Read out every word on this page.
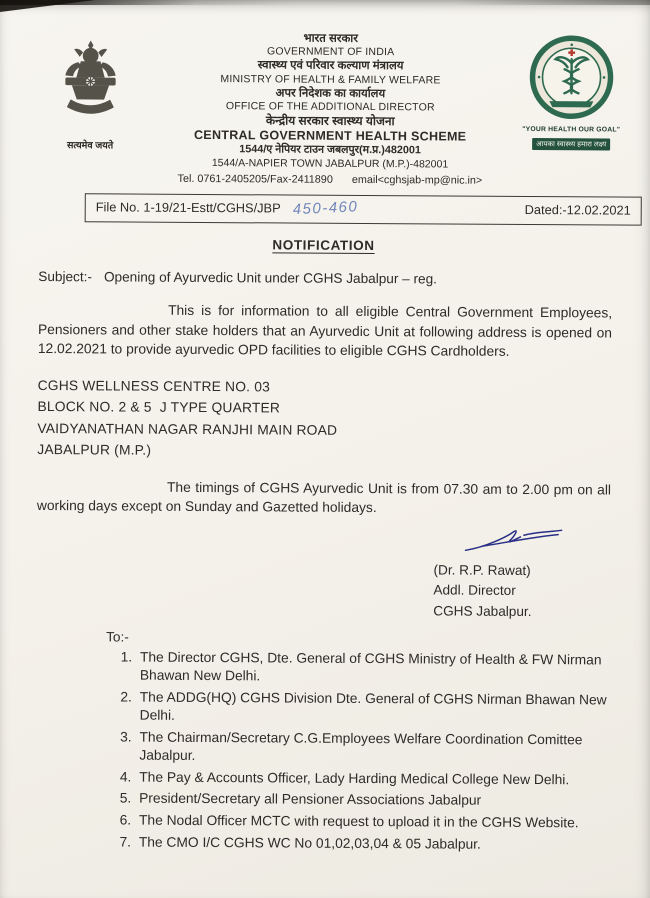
सत्यमेव जयते
भारत सरकार
GOVERNMENT OF INDIA
स्वास्थ्य एवं परिवार कल्याण मंत्रालय
MINISTRY OF HEALTH & FAMILY WELFARE
अपर निदेशक का कार्यालय
OFFICE OF THE ADDITIONAL DIRECTOR
केन्द्रीय सरकार स्वास्थ्य योजना
CENTRAL GOVERNMENT HEALTH SCHEME
1544/ए नेपियर टाउन जबलपुर(म.प्र.)482001
1544/A-NAPIER TOWN JABALPUR (M.P.)-482001
Tel. 0761-2405205/Fax-2411890 email<cghsjab-mp@nic.in>
"YOUR HEALTH OUR GOAL"
आपका स्वास्थ्य हमारा लक्ष्य
File No. 1-19/21-Estt/CGHS/JBP 450-460	Dated:-12.02.2021
NOTIFICATION
Subject:- Opening of Ayurvedic Unit under CGHS Jabalpur – reg.

This is for information to all eligible Central Government Employees, Pensioners and other stake holders that an Ayurvedic Unit at following address is opened on 12.02.2021 to provide ayurvedic OPD facilities to eligible CGHS Cardholders.

CGHS WELLNESS CENTRE NO. 03
BLOCK NO. 2 & 5  J TYPE QUARTER
VAIDYANATHAN NAGAR RANJHI MAIN ROAD
JABALPUR (M.P.)

The timings of CGHS Ayurvedic Unit is from 07.30 am to 2.00 pm on all working days except on Sunday and Gazetted holidays.

(Dr. R.P. Rawat)
Addl. Director
CGHS Jabalpur.
To:-
1. The Director CGHS, Dte. General of CGHS Ministry of Health & FW Nirman Bhawan New Delhi.
2. The ADDG(HQ) CGHS Division Dte. General of CGHS Nirman Bhawan New Delhi.
3. The Chairman/Secretary C.G.Employees Welfare Coordination Comittee Jabalpur.
4. The Pay & Accounts Officer, Lady Harding Medical College New Delhi.
5. President/Secretary all Pensioner Associations Jabalpur
6. The Nodal Officer MCTC with request to upload it in the CGHS Website.
7. The CMO I/C CGHS WC No 01,02,03,04 & 05 Jabalpur.
